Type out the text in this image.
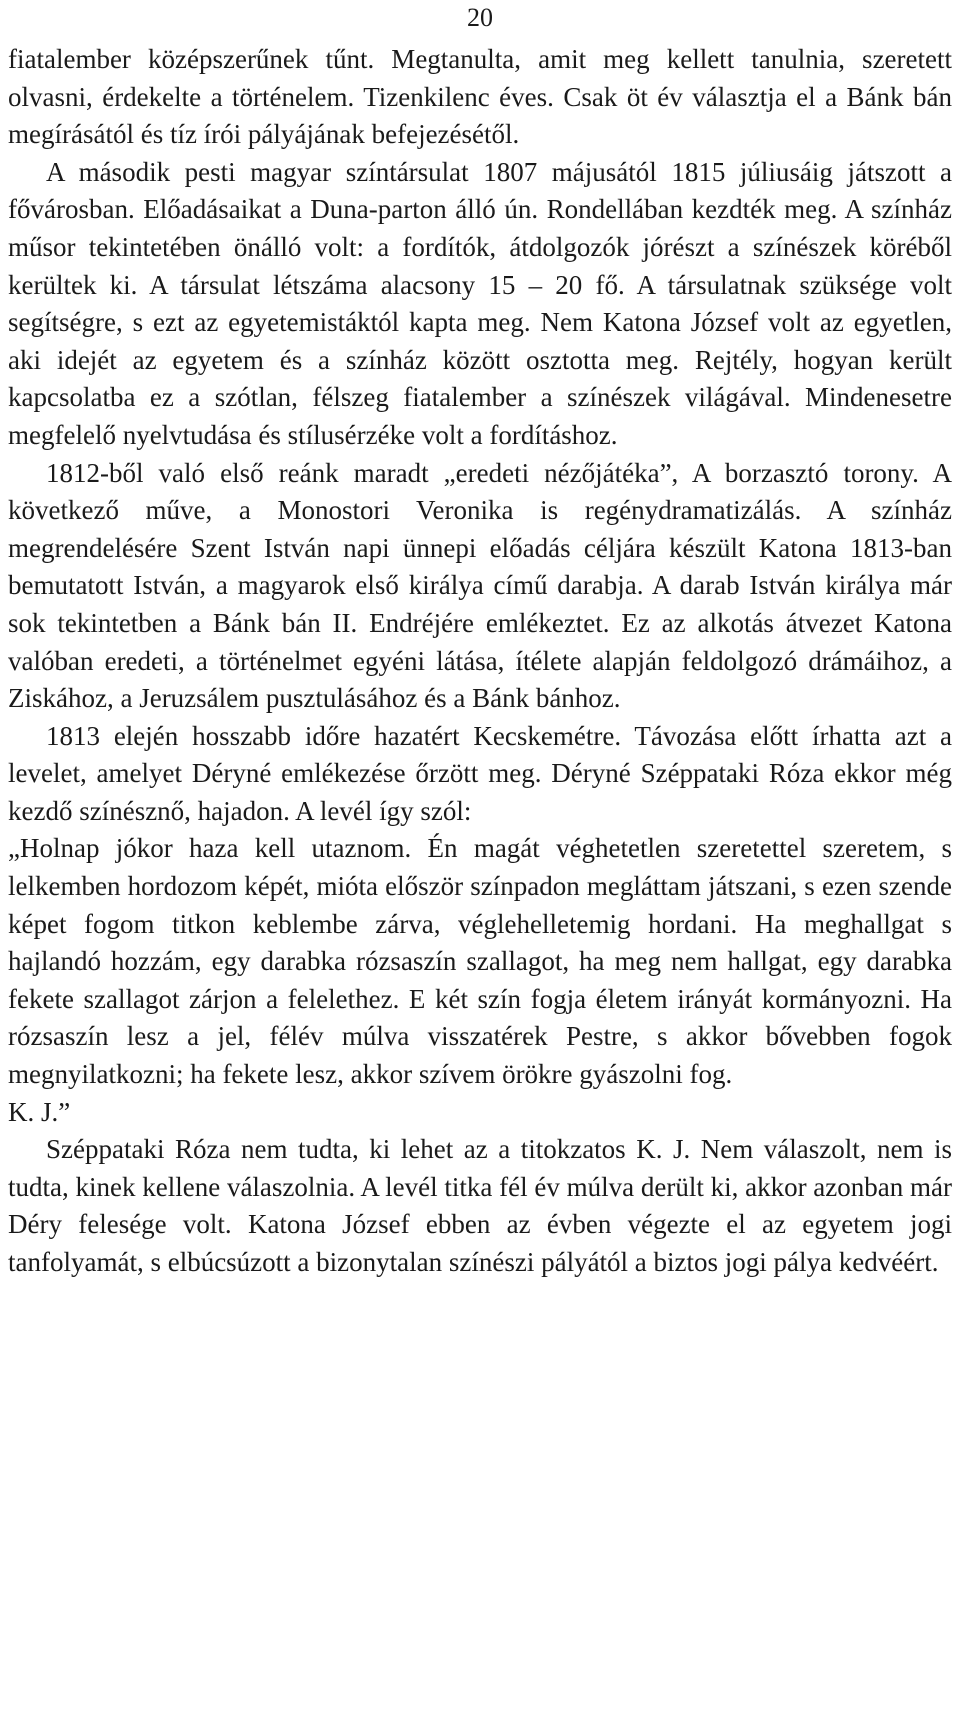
20

fiatalember középszerűnek tűnt. Megtanulta, amit meg kellett tanulnia, szeretett olvasni, érdekelte a történelem. Tizenkilenc éves. Csak öt év választja el a Bánk bán megírásától és tíz írói pályájának befejezésétől.

A második pesti magyar színtársulat 1807 májusától 1815 júliusáig játszott a fővárosban. Előadásaikat a Duna-parton álló ún. Rondellában kezdték meg. A színház műsor tekintetében önálló volt: a fordítók, átdolgozók jórészt a színészek köréből kerültek ki. A társulat létszáma alacsony 15 – 20 fő. A társulatnak szüksége volt segítségre, s ezt az egyetemistáktól kapta meg. Nem Katona József volt az egyetlen, aki idejét az egyetem és a színház között osztotta meg. Rejtély, hogyan került kapcsolatba ez a szótlan, félszeg fiatalember a színészek világával. Mindenesetre megfelelő nyelvtudása és stílusérzéke volt a fordításhoz.

1812-ből való első reánk maradt „eredeti nézőjátéka”, A borzasztó torony. A következő műve, a Monostori Veronika is regénydramatizálás. A színház megrendelésére Szent István napi ünnepi előadás céljára készült Katona 1813-ban bemutatott István, a magyarok első királya című darabja. A darab István királya már sok tekintetben a Bánk bán II. Endréjére emlékeztet. Ez az alkotás átvezet Katona valóban eredeti, a történelmet egyéni látása, ítélete alapján feldolgozó drámáihoz, a Ziskához, a Jeruzsálem pusztulásához és a Bánk bánhoz.

1813 elején hosszabb időre hazatért Kecskemétre. Távozása előtt írhatta azt a levelet, amelyet Déryné emlékezése őrzött meg. Déryné Széppataki Róza ekkor még kezdő színésznő, hajadon. A levél így szól:

„Holnap jókor haza kell utaznom. Én magát véghetetlen szeretettel szeretem, s lelkemben hordozom képét, mióta először színpadon megláttam játszani, s ezen szende képet fogom titkon keblembe zárva, véglehelletemig hordani. Ha meghallgat s hajlandó hozzám, egy darabka rózsaszín szallagot, ha meg nem hallgat, egy darabka fekete szallagot zárjon a felelethez. E két szín fogja életem irányát kormányozni. Ha rózsaszín lesz a jel, félév múlva visszatérek Pestre, s akkor bővebben fogok megnyilatkozni; ha fekete lesz, akkor szívem örökre gyászolni fog.

K. J.”

Széppataki Róza nem tudta, ki lehet az a titokzatos K. J. Nem válaszolt, nem is tudta, kinek kellene válaszolnia. A levél titka fél év múlva derült ki, akkor azonban már Déry felesége volt. Katona József ebben az évben végezte el az egyetem jogi tanfolyamát, s elbúcsúzott a bizonytalan színészi pályától a biztos jogi pálya kedvéért.
